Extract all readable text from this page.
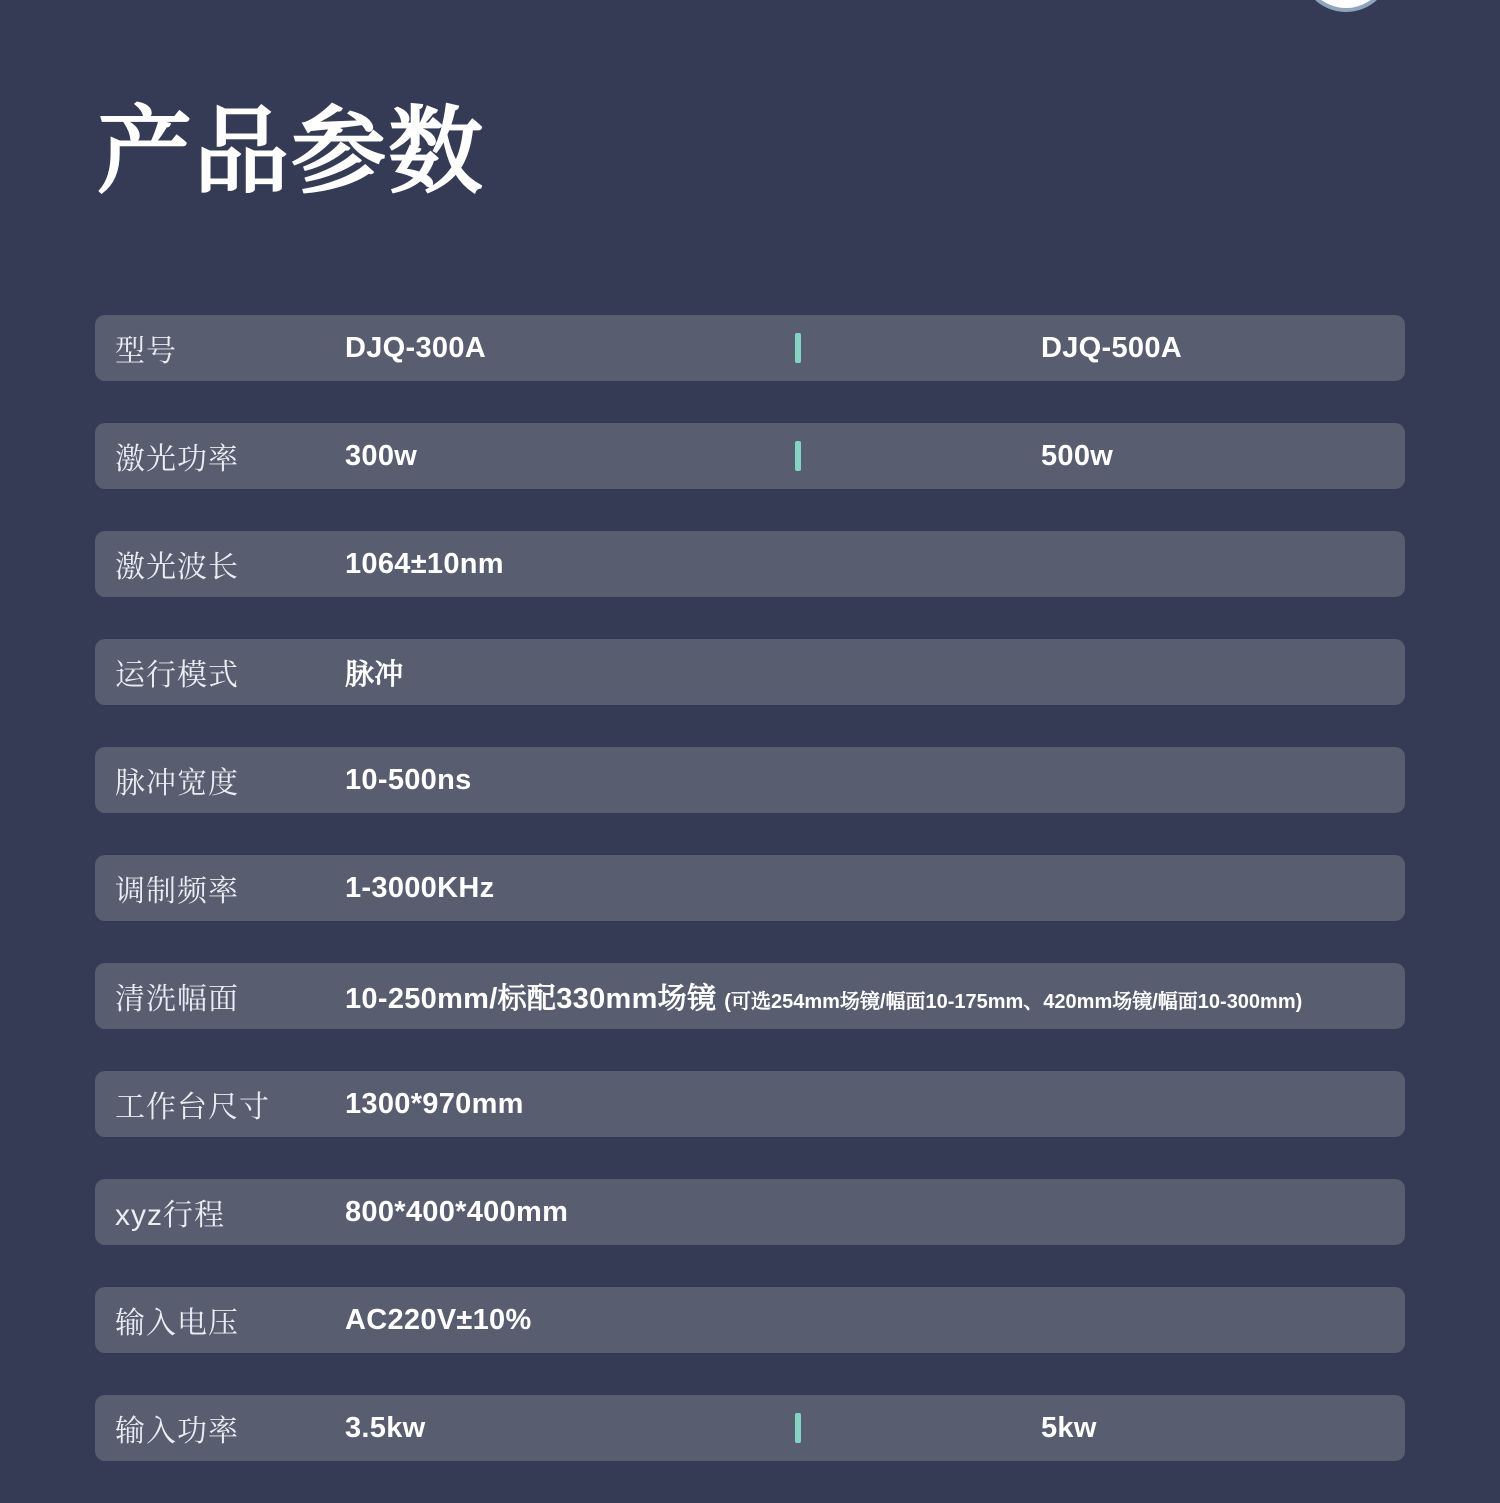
产品参数
型号	DJQ-300A	DJQ-500A
激光功率	300w	500w
激光波长	1064±10nm
运行模式	脉冲
脉冲宽度	10-500ns
调制频率	1-3000KHz
清洗幅面	10-250mm/标配330mm场镜 (可选254mm场镜/幅面10-175mm、420mm场镜/幅面10-300mm)
工作台尺寸	1300*970mm
xyz行程	800*400*400mm
输入电压	AC220V±10%
输入功率	3.5kw	5kw
